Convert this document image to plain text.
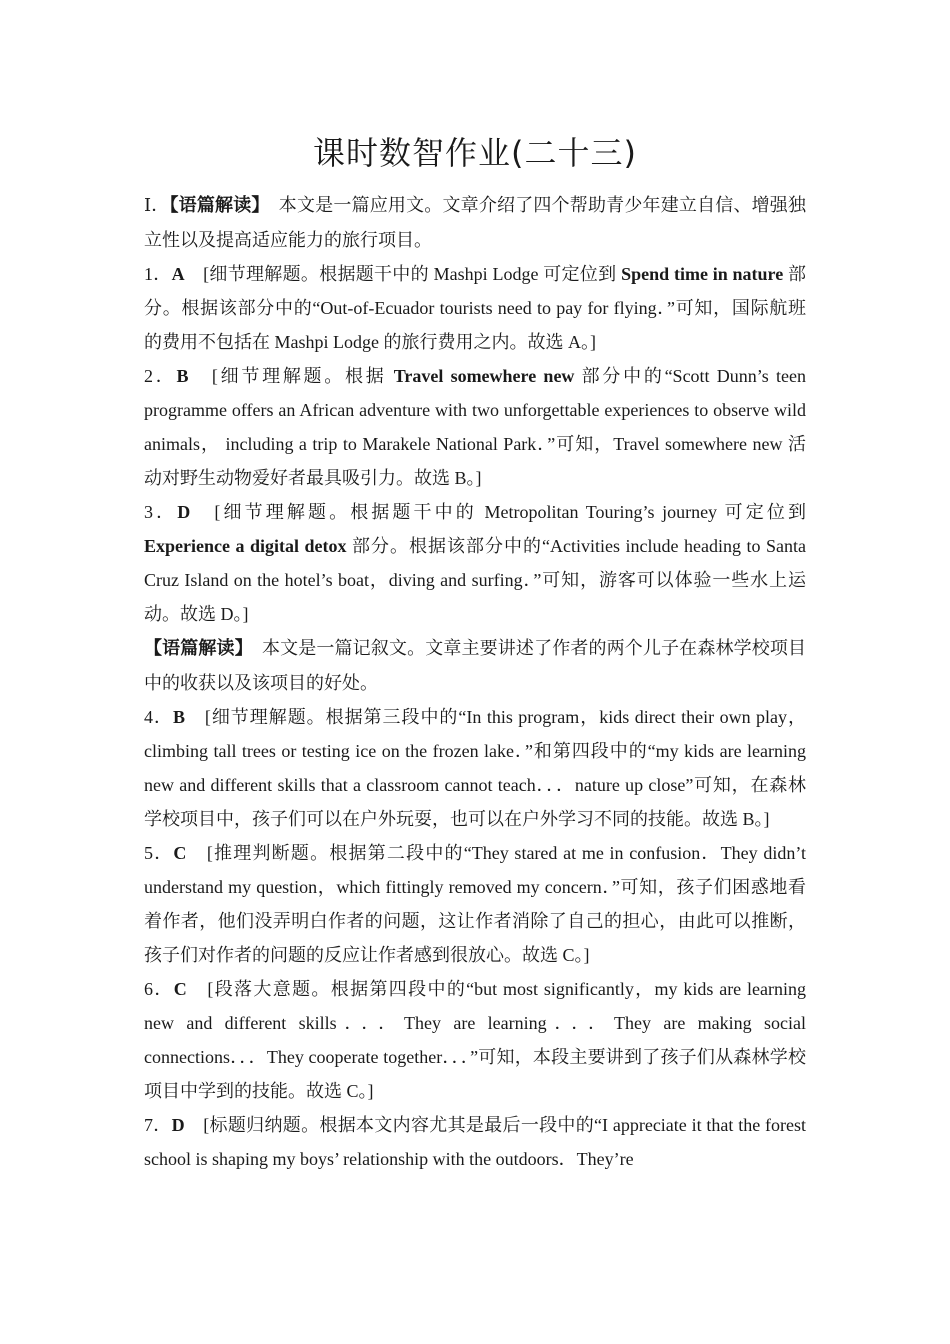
课时数智作业(二十三)

Ⅰ．【语篇解读】　本文是一篇应用文。文章介绍了四个帮助青少年建立自信、增强独立性以及提高适应能力的旅行项目。

1．A　[细节理解题。根据题干中的 Mashpi Lodge 可定位到 Spend time in nature 部分。根据该部分中的“Out-of-Ecuador tourists need to pay for flying．”可知，国际航班的费用不包括在 Mashpi Lodge 的旅行费用之内。故选 A。]

2．B　[细节理解题。根据 Travel somewhere new 部分中的“Scott Dunn’s teen programme offers an African adventure with two unforgettable experiences to observe wild animals， including a trip to Marakele National Park．”可知，Travel somewhere new 活动对野生动物爱好者最具吸引力。故选 B。]

3．D　[细节理解题。根据题干中的 Metropolitan Touring’s journey 可定位到 Experience a digital detox 部分。根据该部分中的“Activities include heading to Santa Cruz Island on the hotel’s boat，diving and surfing．”可知，游客可以体验一些水上运动。故选 D。]

【语篇解读】　本文是一篇记叙文。文章主要讲述了作者的两个儿子在森林学校项目中的收获以及该项目的好处。

4．B　[细节理解题。根据第三段中的“In this program，kids direct their own play，climbing tall trees or testing ice on the frozen lake．”和第四段中的“my kids are learning new and different skills that a classroom cannot teach．．．nature up close”可知，在森林学校项目中，孩子们可以在户外玩耍，也可以在户外学习不同的技能。故选 B。]

5．C　[推理判断题。根据第二段中的“They stared at me in confusion．They didn’t understand my question，which fittingly removed my concern．”可知，孩子们困惑地看着作者，他们没弄明白作者的问题，这让作者消除了自己的担心，由此可以推断，孩子们对作者的问题的反应让作者感到很放心。故选 C。]

6．C　[段落大意题。根据第四段中的“but most significantly，my kids are learning new and different skills．．．They are learning．．．They are making social connections．．．They cooperate together．．．”可知，本段主要讲到了孩子们从森林学校项目中学到的技能。故选 C。]

7．D　[标题归纳题。根据本文内容尤其是最后一段中的“I appreciate it that the forest school is shaping my boys’ relationship with the outdoors．They’re
